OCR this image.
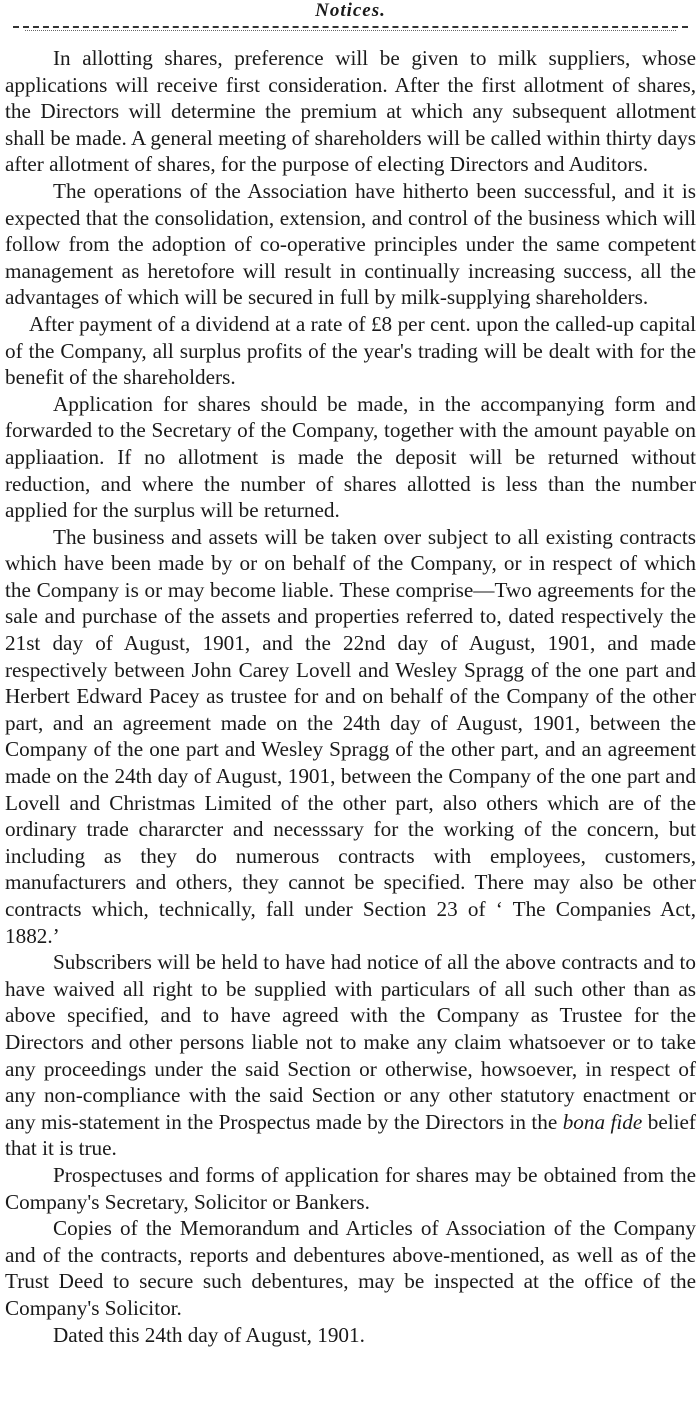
Notices.

In allotting shares, preference will be given to milk suppliers, whose applications will receive first consideration. After the first allotment of shares, the Directors will determine the premium at which any subsequent allotment shall be made. A general meeting of shareholders will be called within thirty days after allotment of shares, for the purpose of electing Directors and Auditors.

The operations of the Association have hitherto been successful, and it is expected that the consolidation, extension, and control of the business which will follow from the adoption of co-operative principles under the same competent management as heretofore will result in continually increasing success, all the advantages of which will be secured in full by milk-supplying shareholders.

After payment of a dividend at a rate of £8 per cent. upon the called-up capital of the Company, all surplus profits of the year's trading will be dealt with for the benefit of the shareholders.

Application for shares should be made, in the accompanying form and forwarded to the Secretary of the Company, together with the amount payable on appliaation. If no allotment is made the deposit will be returned without reduction, and where the number of shares allotted is less than the number applied for the surplus will be returned.

The business and assets will be taken over subject to all existing contracts which have been made by or on behalf of the Company, or in respect of which the Company is or may become liable. These comprise—Two agreements for the sale and purchase of the assets and properties referred to, dated respectively the 21st day of August, 1901, and the 22nd day of August, 1901, and made respectively between John Carey Lovell and Wesley Spragg of the one part and Herbert Edward Pacey as trustee for and on behalf of the Company of the other part, and an agreement made on the 24th day of August, 1901, between the Company of the one part and Wesley Spragg of the other part, and an agreement made on the 24th day of August, 1901, between the Company of the one part and Lovell and Christmas Limited of the other part, also others which are of the ordinary trade chararcter and necesssary for the working of the concern, but including as they do numerous contracts with employees, customers, manufacturers and others, they cannot be specified. There may also be other contracts which, technically, fall under Section 23 of ‘ The Companies Act, 1882.’

Subscribers will be held to have had notice of all the above contracts and to have waived all right to be supplied with particulars of all such other than as above specified, and to have agreed with the Company as Trustee for the Directors and other persons liable not to make any claim whatsoever or to take any proceedings under the said Section or otherwise, howsoever, in respect of any non-compliance with the said Section or any other statutory enactment or any mis-statement in the Prospectus made by the Directors in the bona fide belief that it is true.

Prospectuses and forms of application for shares may be obtained from the Company's Secretary, Solicitor or Bankers.

Copies of the Memorandum and Articles of Association of the Company and of the contracts, reports and debentures above-mentioned, as well as of the Trust Deed to secure such debentures, may be inspected at the office of the Company's Solicitor.

Dated this 24th day of August, 1901.
